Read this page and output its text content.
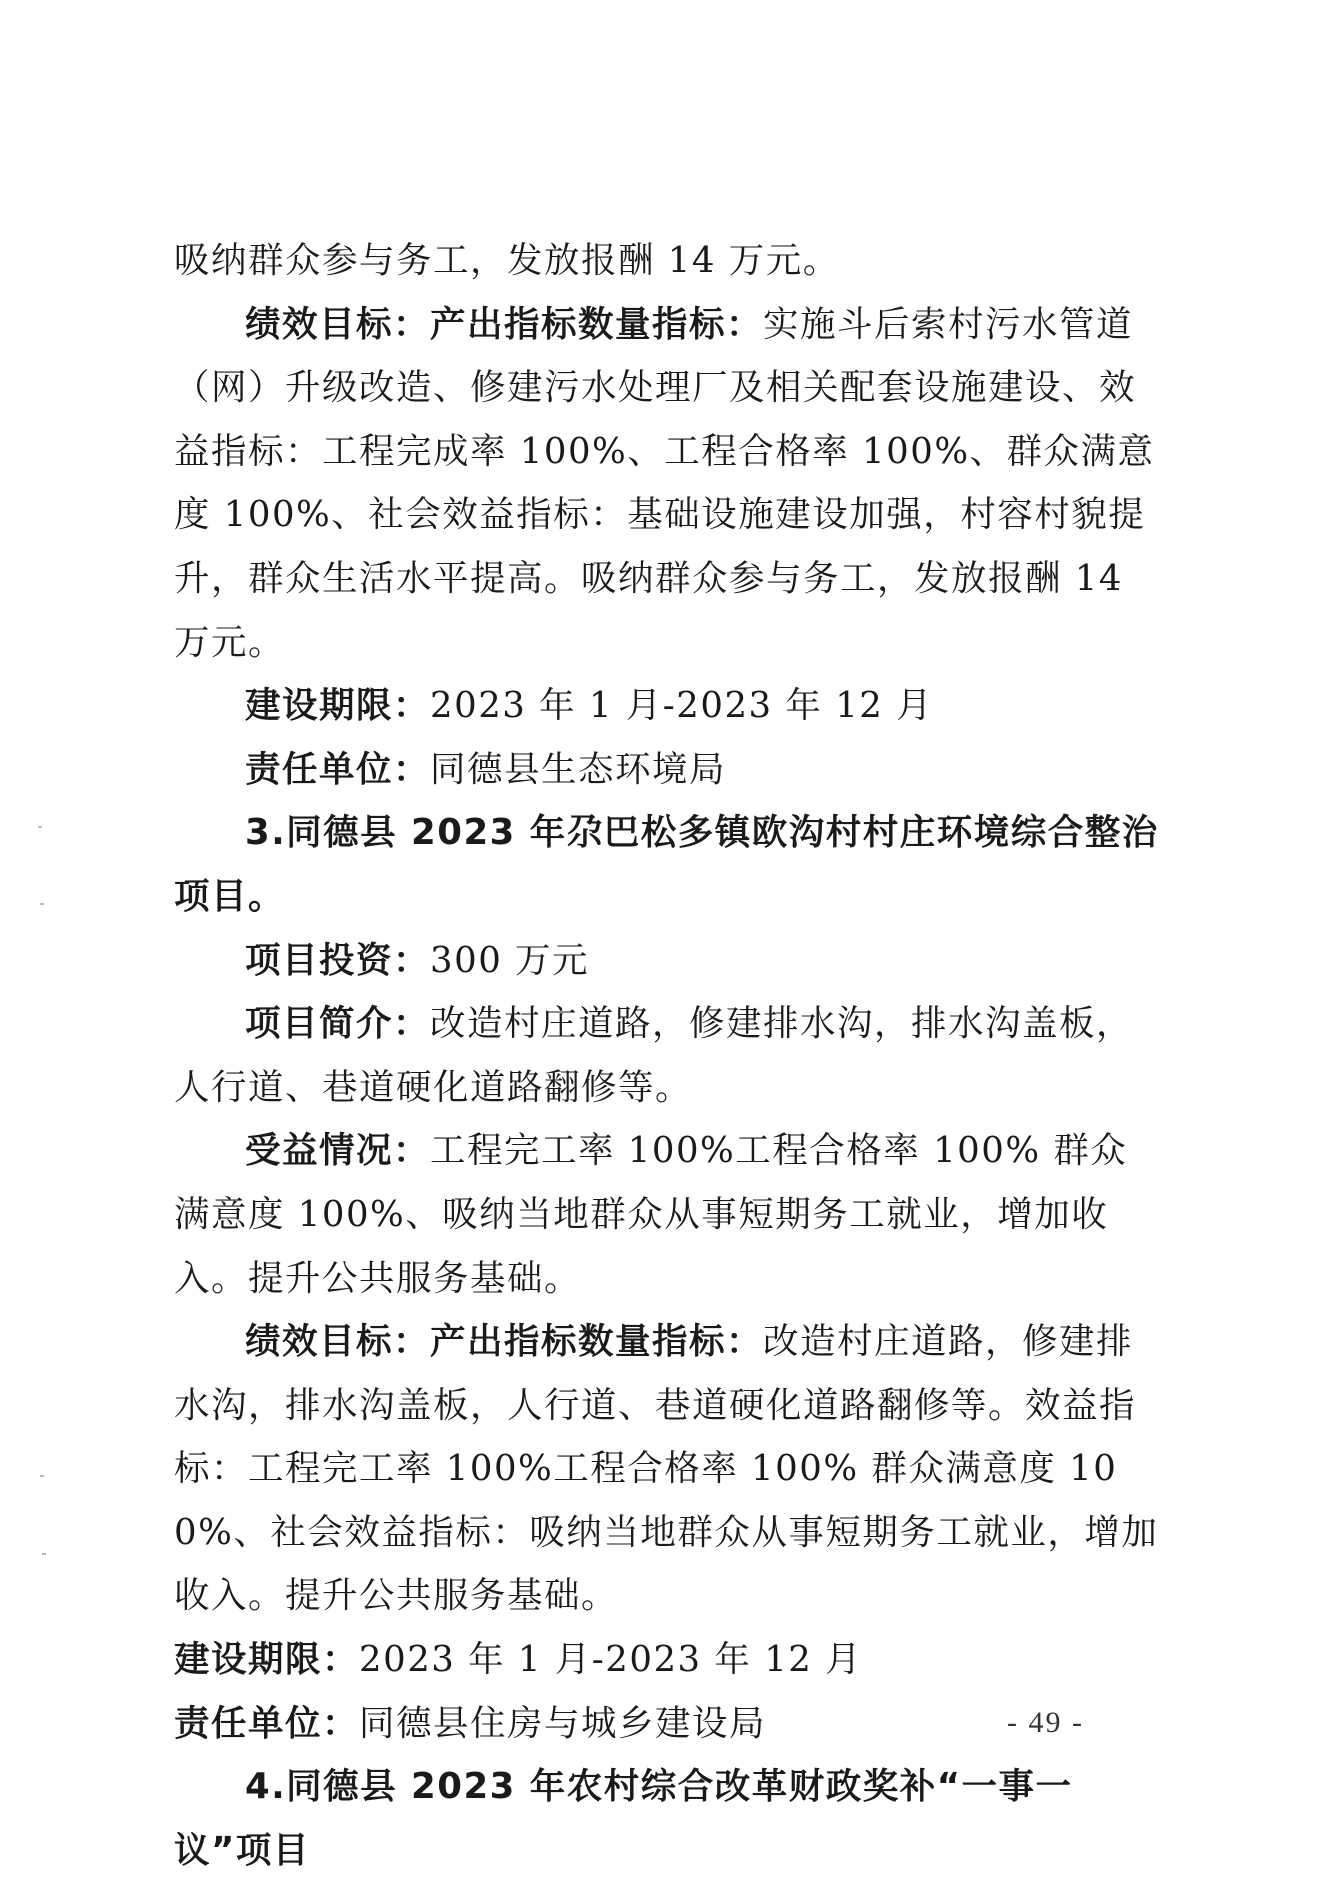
吸纳群众参与务工，发放报酬 14 万元。

绩效目标：产出指标数量指标：实施斗后索村污水管道（网）升级改造、修建污水处理厂及相关配套设施建设、效益指标：工程完成率 100%、工程合格率 100%、群众满意度 100%、社会效益指标：基础设施建设加强，村容村貌提升，群众生活水平提高。吸纳群众参与务工，发放报酬 14 万元。

建设期限：2023 年 1 月-2023 年 12 月

责任单位：同德县生态环境局

3.同德县 2023 年尕巴松多镇欧沟村村庄环境综合整治项目。

项目投资：300 万元

项目简介：改造村庄道路，修建排水沟，排水沟盖板，人行道、巷道硬化道路翻修等。

受益情况：工程完工率 100%工程合格率 100% 群众满意度 100%、吸纳当地群众从事短期务工就业，增加收入。提升公共服务基础。

绩效目标：产出指标数量指标：改造村庄道路，修建排水沟，排水沟盖板，人行道、巷道硬化道路翻修等。效益指标：工程完工率 100%工程合格率 100% 群众满意度 100%、社会效益指标：吸纳当地群众从事短期务工就业，增加收入。提升公共服务基础。

建设期限：2023 年 1 月-2023 年 12 月

责任单位：同德县住房与城乡建设局

4.同德县 2023 年农村综合改革财政奖补“一事一议”项目

- 49 -
